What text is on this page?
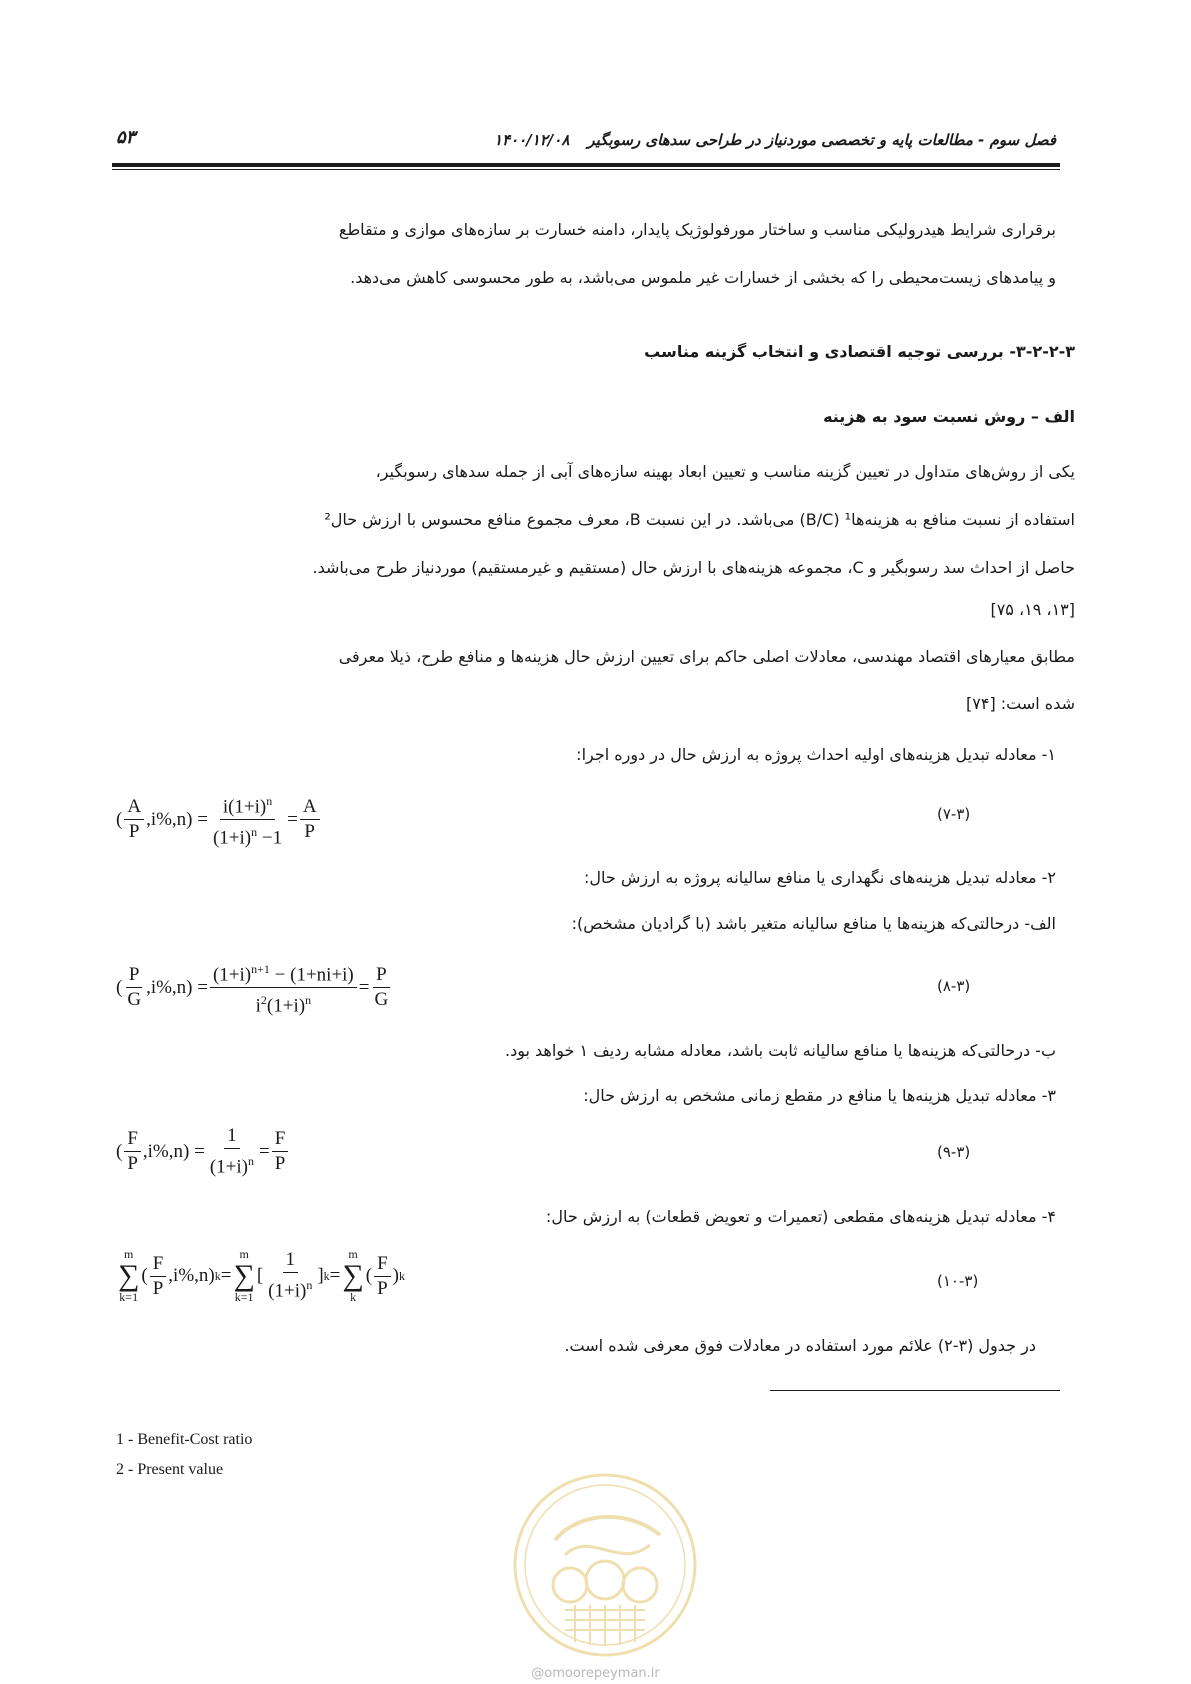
فصل سوم - مطالعات پایه و تخصصی موردنیاز در طراحی سدهای رسوبگیر۱۴۰۰/۱۲/۰۸
۵۳
برقراری شرایط هیدرولیکی مناسب و ساختار مورفولوژیک پایدار، دامنه خسارت بر سازه‌های موازی و متقاطع
و پیامدهای زیست‌محیطی را که بخشی از خسارات غیر ملموس می‌باشد، به طور محسوسی کاهش می‌دهد.
۳-۲-۲-۳- بررسی توجیه اقتصادی و انتخاب گزینه مناسب
الف – روش نسبت سود به هزینه
یکی از روش‌های متداول در تعیین گزینه مناسب و تعیین ابعاد بهینه سازه‌های آبی از جمله سدهای رسوبگیر،
استفاده از نسبت منافع به هزینه‌ها¹ (B/C) می‌باشد. در این نسبت B، معرف مجموع منافع محسوس با ارزش حال²
حاصل از احداث سد رسوبگیر و C، مجموعه هزینه‌های با ارزش حال (مستقیم و غیرمستقیم) موردنیاز طرح می‌باشد.
[۱۳، ۱۹، ۷۵]
مطابق معیارهای اقتصاد مهندسی، معادلات اصلی حاکم برای تعیین ارزش حال هزینه‌ها و منافع طرح، ذیلا معرفی
شده است: [۷۴]
۱- معادله تبدیل هزینه‌های اولیه احداث پروژه به ارزش حال در دوره اجرا:
( $\frac{A}{P} ,i\%,n) = \frac{i(1+i)^n}{(1+i)^n -1} = \frac{A}{P}$	(۷-۳)
۲- معادله تبدیل هزینه‌های نگهداری یا منافع سالیانه پروژه به ارزش حال:
الف- درحالتی‌که هزینه‌ها یا منافع سالیانه متغیر باشد (با گرادیان مشخص):
( $\frac{P}{G} ,i\%,n) = \frac{(1+i)^{n+1} - (1+ni+i)}{i^2(1+i)^n} = \frac{P}{G}$	(۸-۳)
ب- درحالتی‌که هزینه‌ها یا منافع سالیانه ثابت باشد، معادله مشابه ردیف ۱ خواهد بود.
۳- معادله تبدیل هزینه‌ها یا منافع در مقطع زمانی مشخص به ارزش حال:
( $\frac{F}{P} ,i\%,n) = \frac{1}{(1+i)^n} = \frac{F}{P}$	(۹-۳)
۴- معادله تبدیل هزینه‌های مقطعی (تعمیرات و تعویض قطعات) به ارزش حال:
m
∑
k=1
( $\frac{F}{P} ,i\%,n$) k =
m
∑
k=1
[ $\frac{1}{(1+i)^n}$ ] k =
m
∑
k
( $\frac{F}{P}$ ) k	(۱۰-۳)
در جدول (۳-۲) علائم مورد استفاده در معادلات فوق معرفی شده است.
1 - Benefit-Cost ratio
2 - Present value
@omoorepeyman.ir
